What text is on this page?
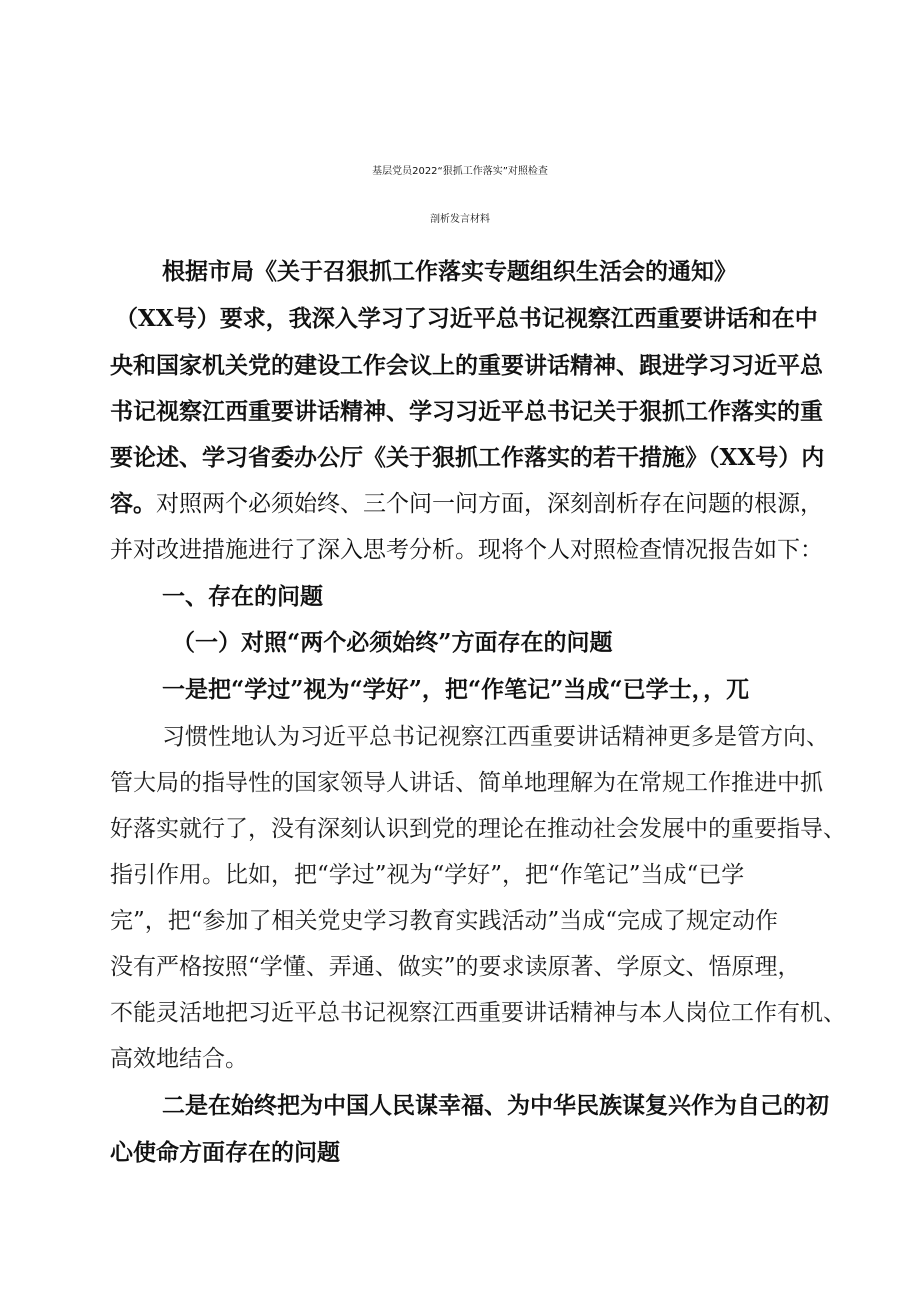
基层党员2022“狠抓工作落实”对照检查
剖析发言材料

根据市局《关于召狠抓工作落实专题组织生活会的通知》

（XX号）要求，我深入学习了习近平总书记视察江西重要讲话和在中

央和国家机关党的建设工作会议上的重要讲话精神、跟进学习习近平总

书记视察江西重要讲话精神、学习习近平总书记关于狠抓工作落实的重

要论述、学习省委办公厅《关于狠抓工作落实的若干措施》（XX号）内

容。对照两个必须始终、三个问一问方面，深刻剖析存在问题的根源，

并对改进措施进行了深入思考分析。现将个人对照检查情况报告如下：

一、存在的问题

（一）对照“两个必须始终”方面存在的问题

一是把“学过”视为“学好”，把“作笔记”当成“已学士，，兀

习惯性地认为习近平总书记视察江西重要讲话精神更多是管方向、

管大局的指导性的国家领导人讲话、简单地理解为在常规工作推进中抓

好落实就行了，没有深刻认识到党的理论在推动社会发展中的重要指导、

指引作用。比如，把“学过”视为“学好”，把“作笔记”当成“已学

完”，把“参加了相关党史学习教育实践活动”当成“完成了规定动作

没有严格按照“学懂、弄通、做实”的要求读原著、学原文、悟原理，

不能灵活地把习近平总书记视察江西重要讲话精神与本人岗位工作有机、

高效地结合。

二是在始终把为中国人民谋幸福、为中华民族谋复兴作为自己的初

心使命方面存在的问题
